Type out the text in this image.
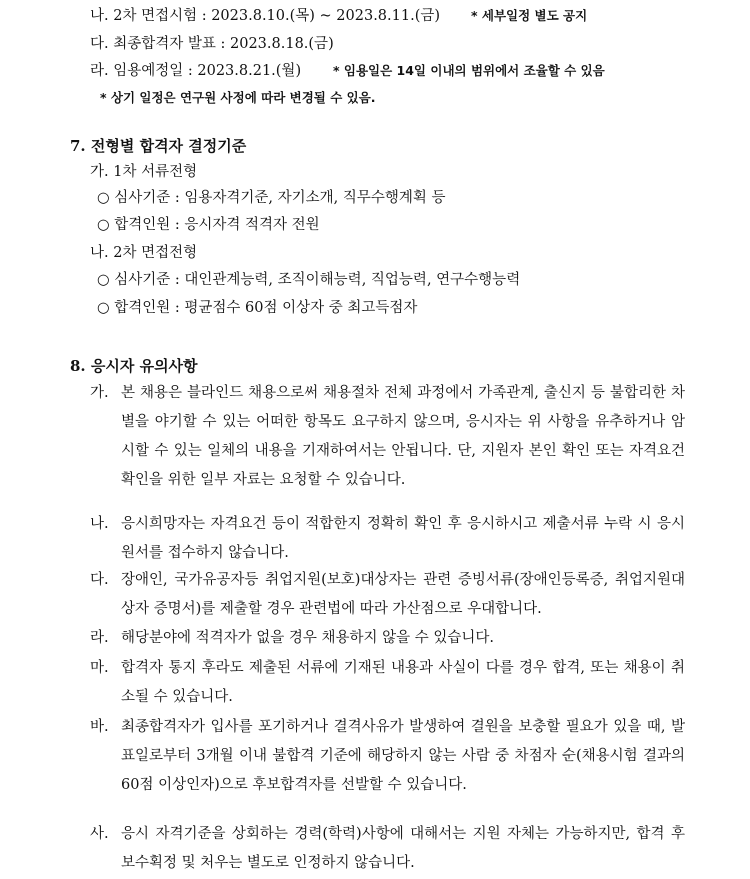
나. 2차 면접시험 : 2023.8.10.(목) ~ 2023.8.11.(금) * 세부일정 별도 공지
다. 최종합격자 발표 : 2023.8.18.(금)
라. 임용예정일 : 2023.8.21.(월)	* 임용일은 14일 이내의 범위에서 조율할 수 있음
* 상기 일정은 연구원 사정에 따라 변경될 수 있음.
7. 전형별 합격자 결정기준
가. 1차 서류전형
○ 심사기준 : 임용자격기준, 자기소개, 직무수행계획 등
○ 합격인원 : 응시자격 적격자 전원
나. 2차 면접전형
○ 심사기준 : 대인관계능력, 조직이해능력, 직업능력, 연구수행능력
○ 합격인원 : 평균점수 60점 이상자 중 최고득점자
8. 응시자 유의사항
가. 본 채용은 블라인드 채용으로써 채용절차 전체 과정에서 가족관계, 출신지 등 불합리한 차별을 야기할 수 있는 어떠한 항목도 요구하지 않으며, 응시자는 위 사항을 유추하거나 암시할 수 있는 일체의 내용을 기재하여서는 안됩니다. 단, 지원자 본인 확인 또는 자격요건 확인을 위한 일부 자료는 요청할 수 있습니다.
나. 응시희망자는 자격요건 등이 적합한지 정확히 확인 후 응시하시고 제출서류 누락 시 응시원서를 접수하지 않습니다.
다. 장애인, 국가유공자등 취업지원(보호)대상자는 관련 증빙서류(장애인등록증, 취업지원대상자 증명서)를 제출할 경우 관련법에 따라 가산점으로 우대합니다.
라. 해당분야에 적격자가 없을 경우 채용하지 않을 수 있습니다.
마. 합격자 통지 후라도 제출된 서류에 기재된 내용과 사실이 다를 경우 합격, 또는 채용이 취소될 수 있습니다.
바. 최종합격자가 입사를 포기하거나 결격사유가 발생하여 결원을 보충할 필요가 있을 때, 발표일로부터 3개월 이내 불합격 기준에 해당하지 않는 사람 중 차점자 순(채용시험 결과의 60점 이상인자)으로 후보합격자를 선발할 수 있습니다.
사. 응시 자격기준을 상회하는 경력(학력)사항에 대해서는 지원 자체는 가능하지만, 합격 후 보수획정 및 처우는 별도로 인정하지 않습니다.
